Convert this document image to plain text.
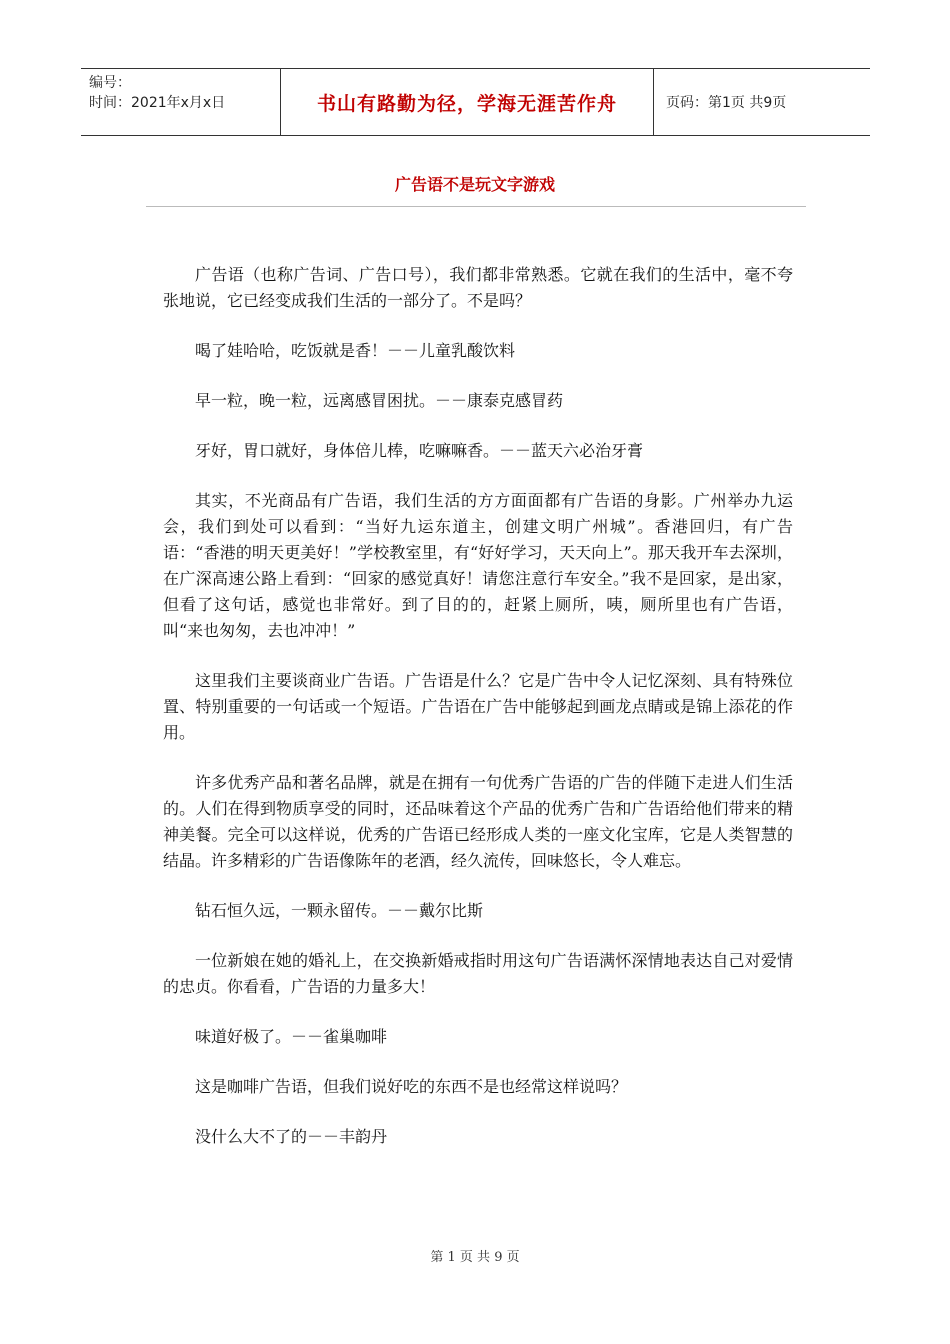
编号：
时间：2021年x月x日	书山有路勤为径，学海无涯苦作舟	页码：第1页 共9页
广告语不是玩文字游戏

广告语（也称广告词、广告口号），我们都非常熟悉。它就在我们的生活中，毫不夸张地说，它已经变成我们生活的一部分了。不是吗？

喝了娃哈哈，吃饭就是香！－－儿童乳酸饮料

早一粒，晚一粒，远离感冒困扰。－－康泰克感冒药

牙好，胃口就好，身体倍儿棒，吃嘛嘛香。－－蓝天六必治牙膏

其实，不光商品有广告语，我们生活的方方面面都有广告语的身影。广州举办九运会，我们到处可以看到：“当好九运东道主，创建文明广州城”。香港回归，有广告语：“香港的明天更美好！”学校教室里，有“好好学习，天天向上”。那天我开车去深圳，在广深高速公路上看到：“回家的感觉真好！请您注意行车安全。”我不是回家，是出家，但看了这句话，感觉也非常好。到了目的的，赶紧上厕所，咦，厕所里也有广告语，叫“来也匆匆，去也冲冲！”

这里我们主要谈商业广告语。广告语是什么？它是广告中令人记忆深刻、具有特殊位置、特别重要的一句话或一个短语。广告语在广告中能够起到画龙点睛或是锦上添花的作用。

许多优秀产品和著名品牌，就是在拥有一句优秀广告语的广告的伴随下走进人们生活的。人们在得到物质享受的同时，还品味着这个产品的优秀广告和广告语给他们带来的精神美餐。完全可以这样说，优秀的广告语已经形成人类的一座文化宝库，它是人类智慧的结晶。许多精彩的广告语像陈年的老酒，经久流传，回味悠长，令人难忘。

钻石恒久远，一颗永留传。－－戴尔比斯

一位新娘在她的婚礼上，在交换新婚戒指时用这句广告语满怀深情地表达自己对爱情的忠贞。你看看，广告语的力量多大！

味道好极了。－－雀巢咖啡

这是咖啡广告语，但我们说好吃的东西不是也经常这样说吗？

没什么大不了的－－丰韵丹

第 1 页 共 9 页
